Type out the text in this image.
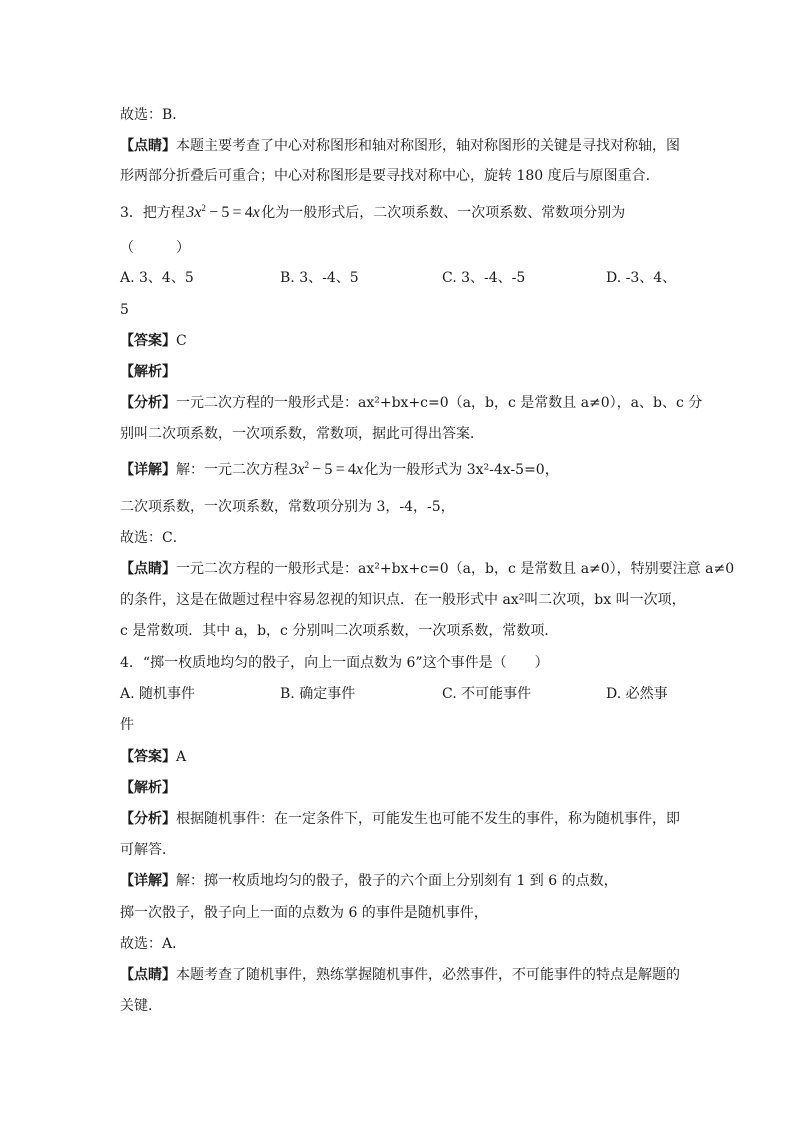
故选：B．
【点睛】本题主要考查了中心对称图形和轴对称图形，轴对称图形的关键是寻找对称轴，图
形两部分折叠后可重合；中心对称图形是要寻找对称中心，旋转 180 度后与原图重合．
3．把方程 $3x^2 - 5 = 4x$ 化为一般形式后，二次项系数、一次项系数、常数项分别为
（　　　）
A. 3、4、5	B. 3、-4、5	C. 3、-4、-5	D. -3、4、
5
【答案】C
【解析】
【分析】一元二次方程的一般形式是：ax²+bx+c=0（a，b，c 是常数且 a≠0），a、b、c 分
别叫二次项系数，一次项系数，常数项，据此可得出答案．
【详解】解：一元二次方程 $3x^2 - 5 = 4x$ 化为一般形式为 3x²-4x-5=0，
二次项系数，一次项系数，常数项分别为 3，-4，-5，
故选：C．
【点睛】一元二次方程的一般形式是：ax²+bx+c=0（a，b，c 是常数且 a≠0），特别要注意 a≠0
的条件，这是在做题过程中容易忽视的知识点．在一般形式中 ax²叫二次项，bx 叫一次项，
c 是常数项．其中 a，b，c 分别叫二次项系数，一次项系数，常数项．
4．“掷一枚质地均匀的骰子，向上一面点数为 6”这个事件是（　　）
A. 随机事件	B. 确定事件	C. 不可能事件	D. 必然事
件
【答案】A
【解析】
【分析】根据随机事件：在一定条件下，可能发生也可能不发生的事件，称为随机事件，即
可解答．
【详解】解：掷一枚质地均匀的骰子，骰子的六个面上分别刻有 1 到 6 的点数，
掷一次骰子，骰子向上一面的点数为 6 的事件是随机事件，
故选：A．
【点睛】本题考查了随机事件，熟练掌握随机事件，必然事件，不可能事件的特点是解题的
关键．
